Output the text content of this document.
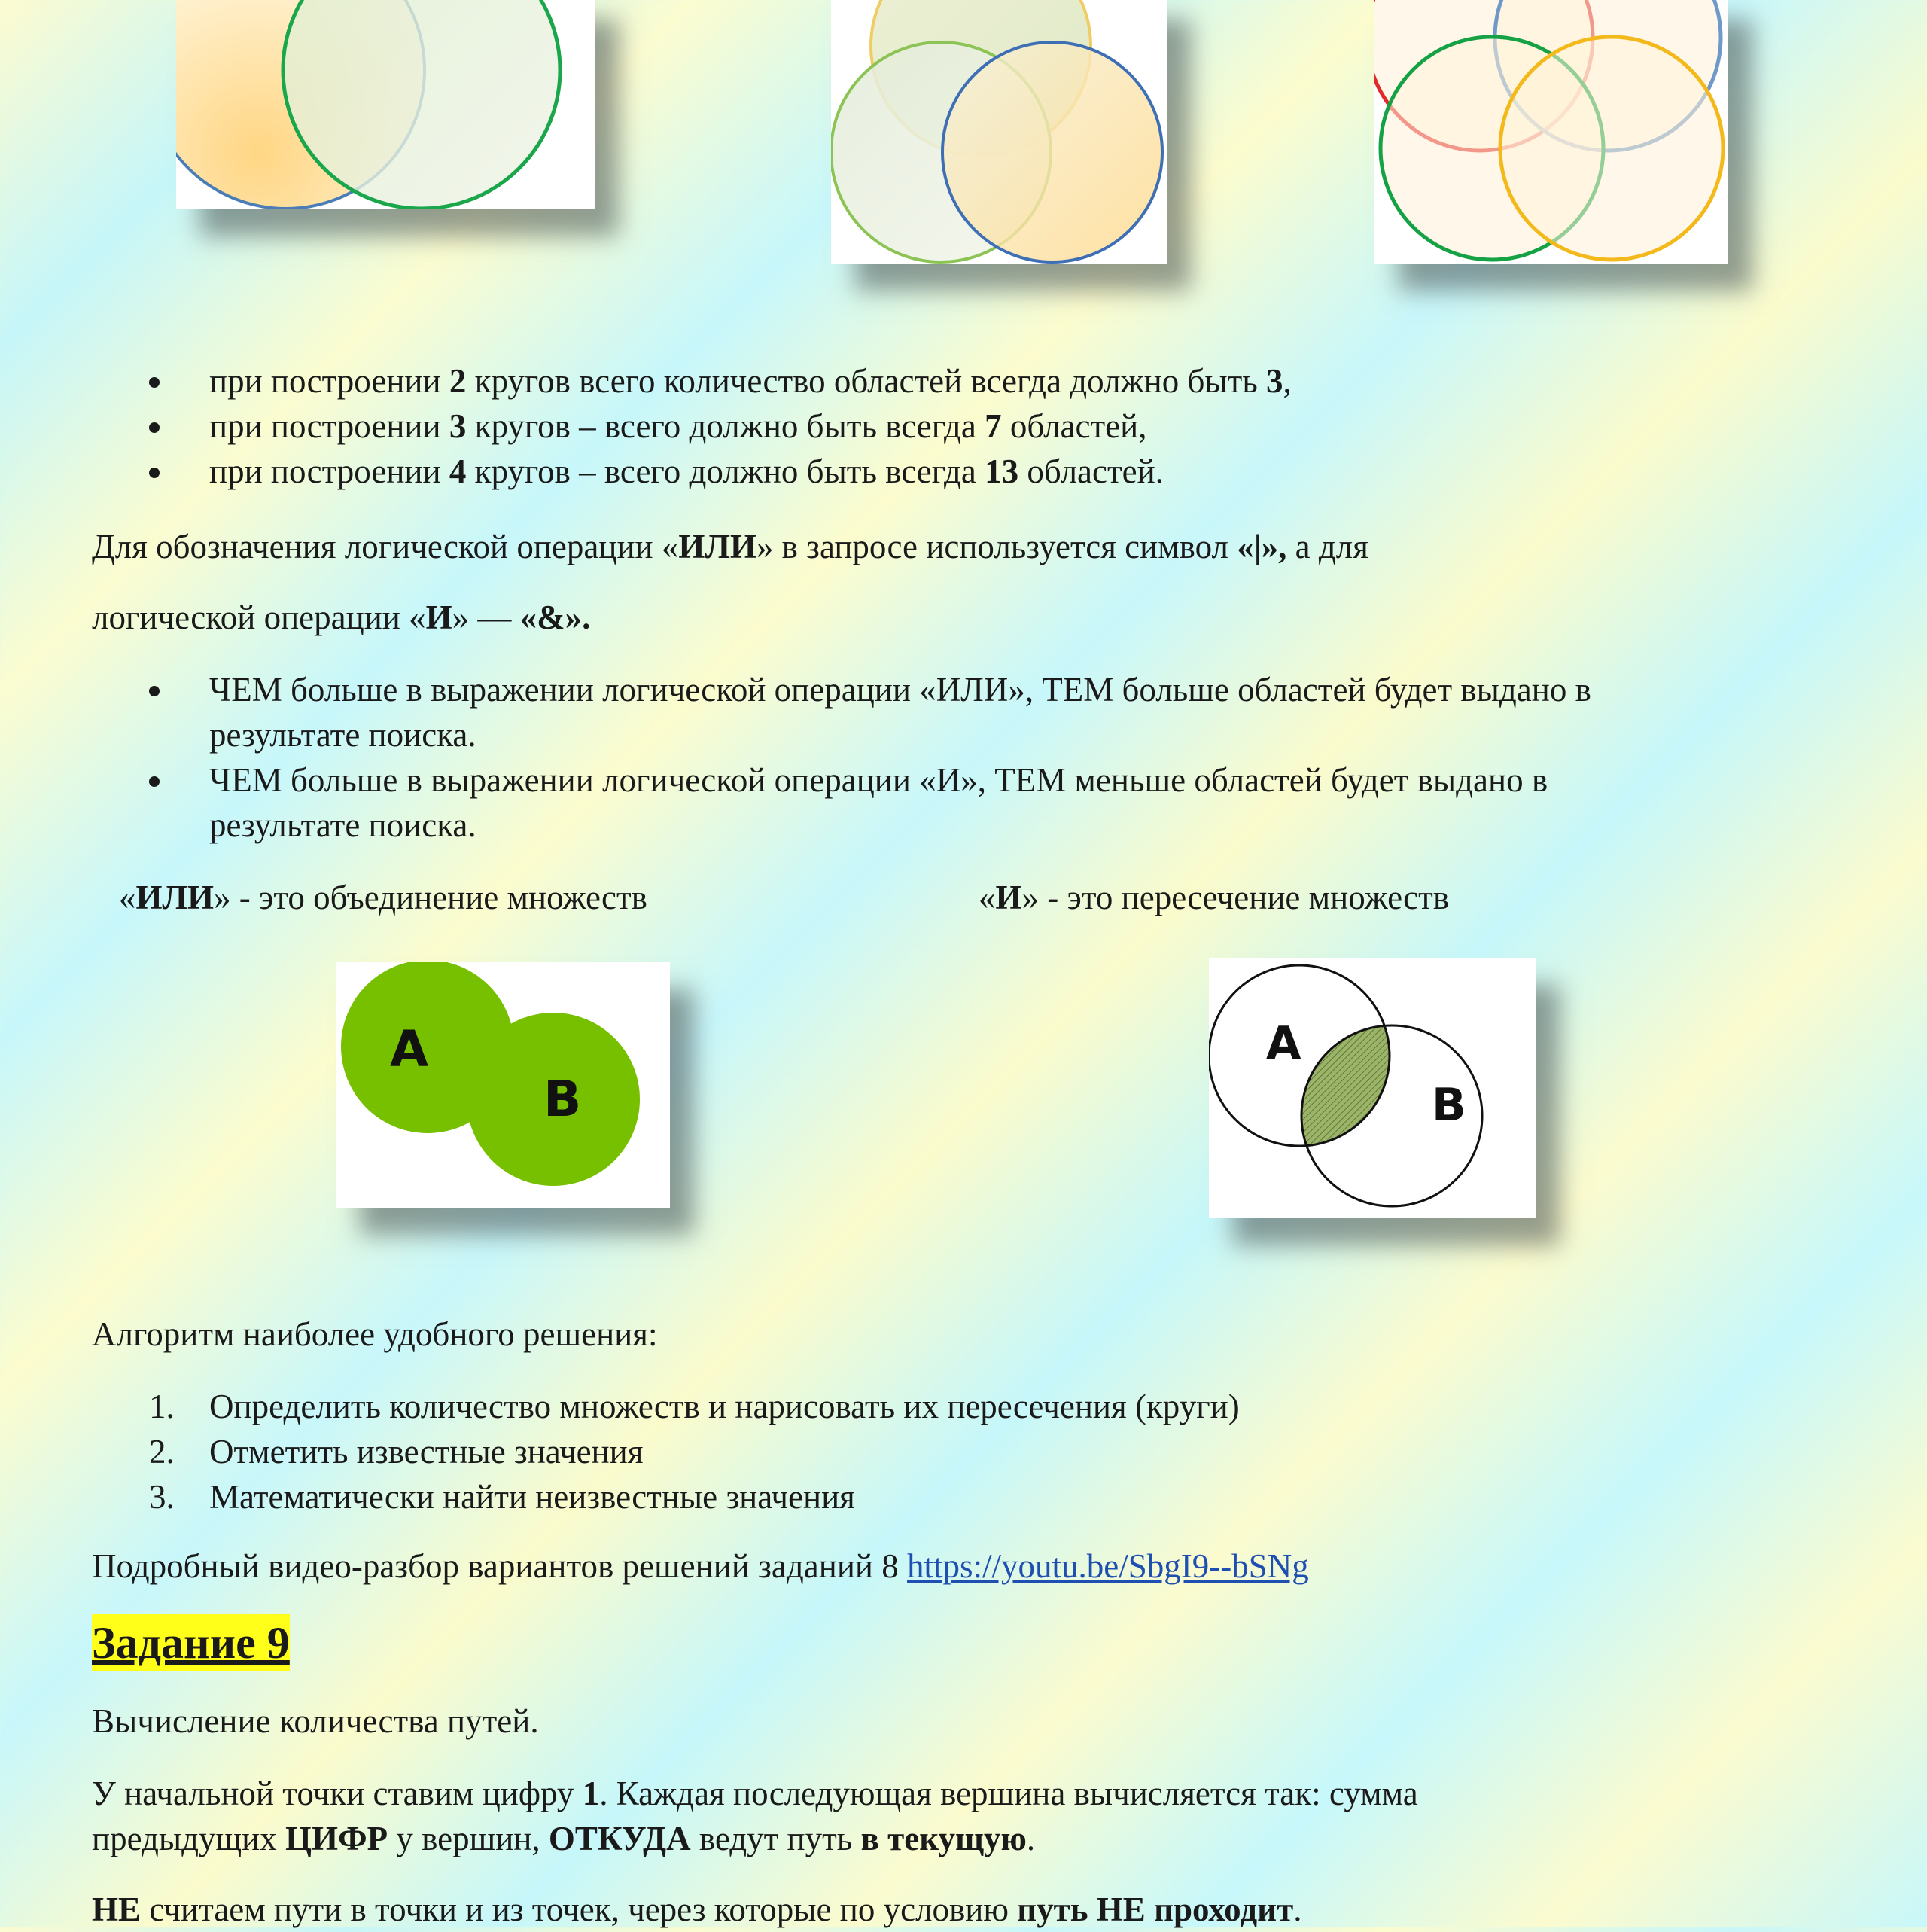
при построении 2 кругов всего количество областей всегда должно быть 3,
при построении 3 кругов – всего должно быть всегда 7 областей,
при построении 4 кругов – всего должно быть всегда 13 областей.
Для обозначения логической операции «ИЛИ» в запросе используется символ «|», а для
логической операции «И» — «&».
ЧЕМ больше в выражении логической операции «ИЛИ», ТЕМ больше областей будет выдано в
результате поиска.
ЧЕМ больше в выражении логической операции «И», ТЕМ меньше областей будет выдано в
результате поиска.
«ИЛИ» - это объединение множеств	«И» - это пересечение множеств
A
B
A
B
Алгоритм наиболее удобного решения:
1. Определить количество множеств и нарисовать их пересечения (круги)
2. Отметить известные значения
3. Математически найти неизвестные значения
Подробный видео-разбор вариантов решений заданий 8 https://youtu.be/SbgI9--bSNg
Задание 9
Вычисление количества путей.
У начальной точки ставим цифру 1. Каждая последующая вершина вычисляется так: сумма
предыдущих ЦИФР у вершин, ОТКУДА ведут путь в текущую.
НЕ считаем пути в точки и из точек, через которые по условию путь НЕ проходит.
